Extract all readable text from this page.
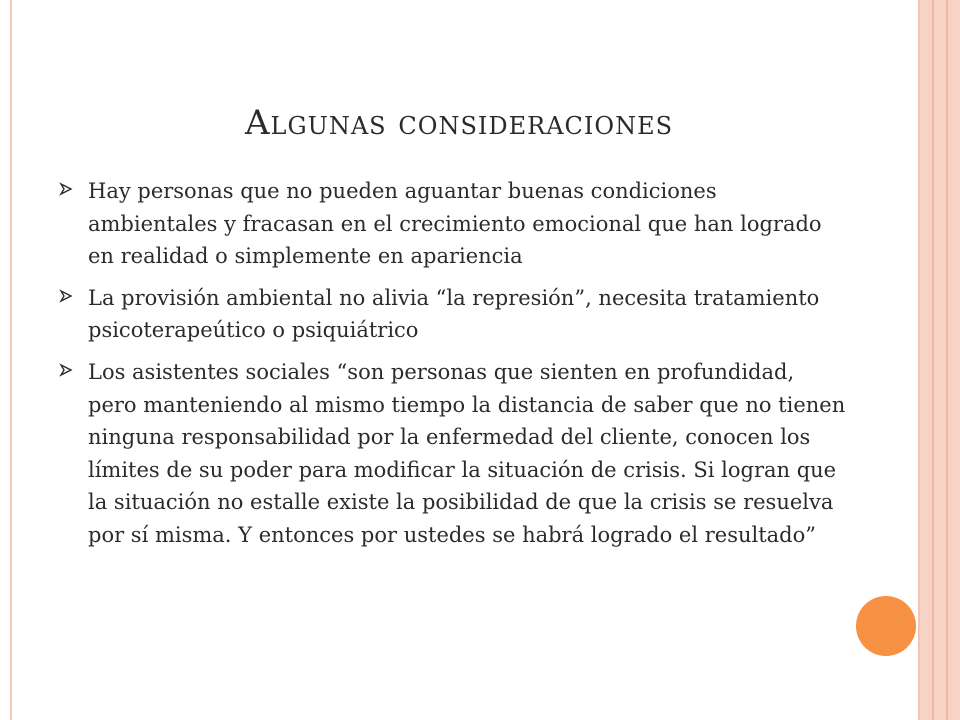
Algunas consideraciones

Hay personas que no pueden aguantar buenas condiciones ambientales y fracasan en el crecimiento emocional que han logrado en realidad o simplemente en apariencia

La provisión ambiental no alivia “la represión”, necesita tratamiento psicoterapeútico o psiquiátrico

Los asistentes sociales “son personas que sienten en profundidad, pero manteniendo al mismo tiempo la distancia de saber que no tienen ninguna responsabilidad por la enfermedad del cliente, conocen los límites de su poder para modificar la situación de crisis. Si logran que la situación no estalle existe la posibilidad de que la crisis se resuelva por sí misma. Y entonces por ustedes se habrá logrado el resultado”
